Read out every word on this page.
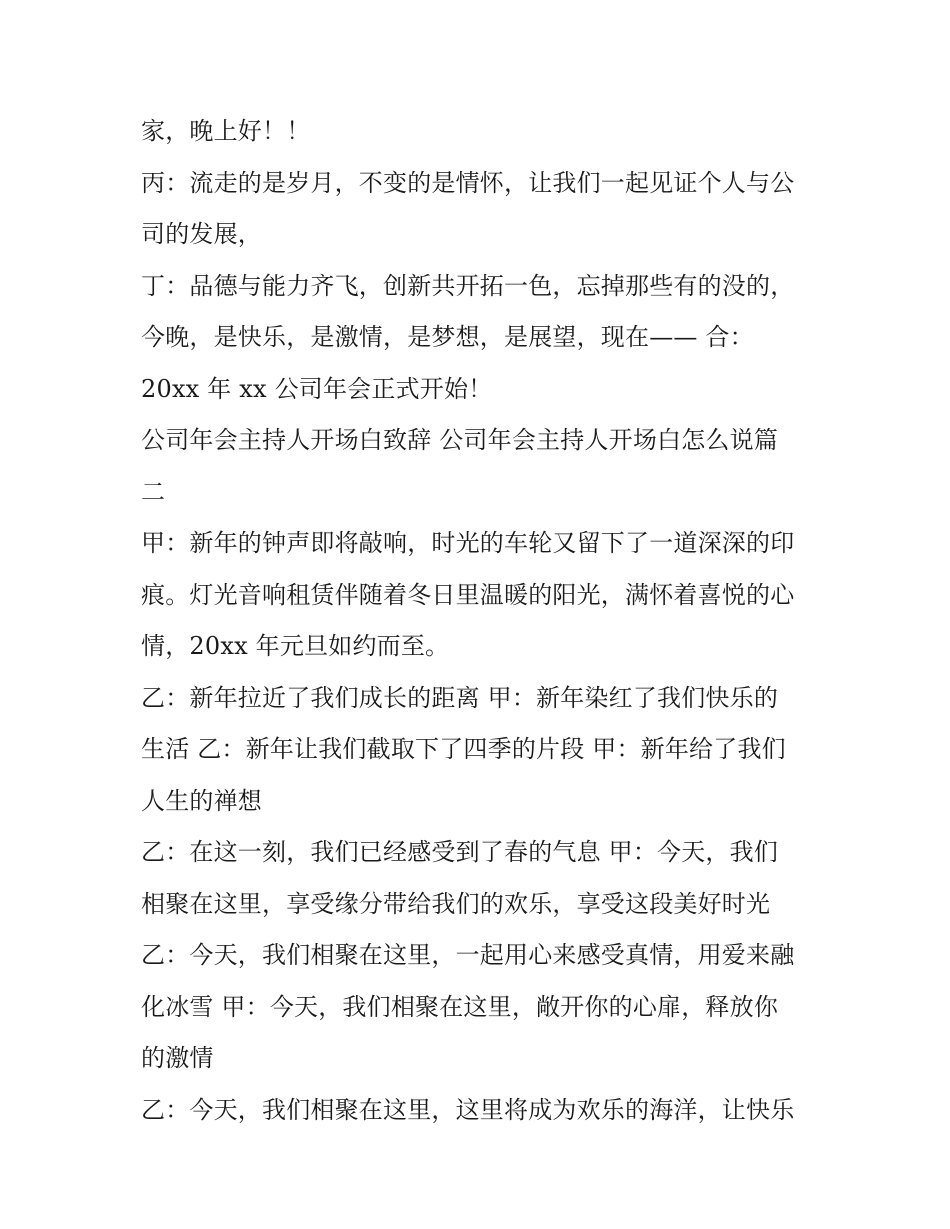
家，晚上好！！
丙：流走的是岁月，不变的是情怀，让我们一起见证个人与公
司的发展，
丁：品德与能力齐飞，创新共开拓一色，忘掉那些有的没的，
今晚，是快乐，是激情，是梦想，是展望，现在—— 合：
20xx 年 xx 公司年会正式开始！
公司年会主持人开场白致辞 公司年会主持人开场白怎么说篇
二
甲：新年的钟声即将敲响，时光的车轮又留下了一道深深的印
痕。灯光音响租赁伴随着冬日里温暖的阳光，满怀着喜悦的心
情，20xx 年元旦如约而至。
乙：新年拉近了我们成长的距离 甲：新年染红了我们快乐的
生活 乙：新年让我们截取下了四季的片段 甲：新年给了我们
人生的禅想
乙：在这一刻，我们已经感受到了春的气息 甲：今天，我们
相聚在这里，享受缘分带给我们的欢乐，享受这段美好时光
乙：今天，我们相聚在这里，一起用心来感受真情，用爱来融
化冰雪 甲：今天，我们相聚在这里，敞开你的心扉，释放你
的激情
乙：今天，我们相聚在这里，这里将成为欢乐的海洋，让快乐
